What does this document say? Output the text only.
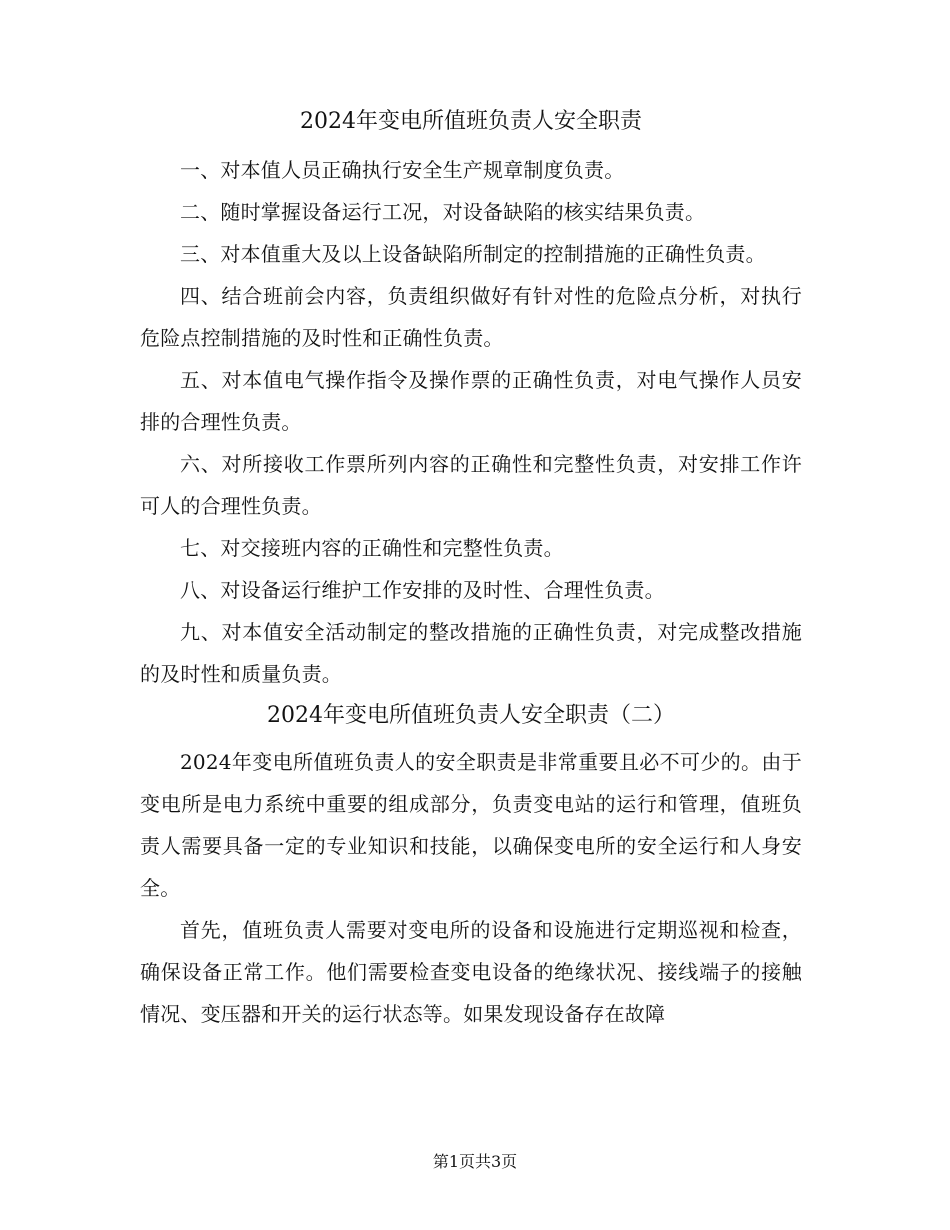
2024年变电所值班负责人安全职责

一、对本值人员正确执行安全生产规章制度负责。

二、随时掌握设备运行工况，对设备缺陷的核实结果负责。

三、对本值重大及以上设备缺陷所制定的控制措施的正确性负责。

四、结合班前会内容，负责组织做好有针对性的危险点分析，对执行危险点控制措施的及时性和正确性负责。

五、对本值电气操作指令及操作票的正确性负责，对电气操作人员安排的合理性负责。

六、对所接收工作票所列内容的正确性和完整性负责，对安排工作许可人的合理性负责。

七、对交接班内容的正确性和完整性负责。

八、对设备运行维护工作安排的及时性、合理性负责。

九、对本值安全活动制定的整改措施的正确性负责，对完成整改措施的及时性和质量负责。

2024年变电所值班负责人安全职责（二）

2024年变电所值班负责人的安全职责是非常重要且必不可少的。由于变电所是电力系统中重要的组成部分，负责变电站的运行和管理，值班负责人需要具备一定的专业知识和技能，以确保变电所的安全运行和人身安全。

首先，值班负责人需要对变电所的设备和设施进行定期巡视和检查，确保设备正常工作。他们需要检查变电设备的绝缘状况、接线端子的接触情况、变压器和开关的运行状态等。如果发现设备存在故障

第1页共3页
